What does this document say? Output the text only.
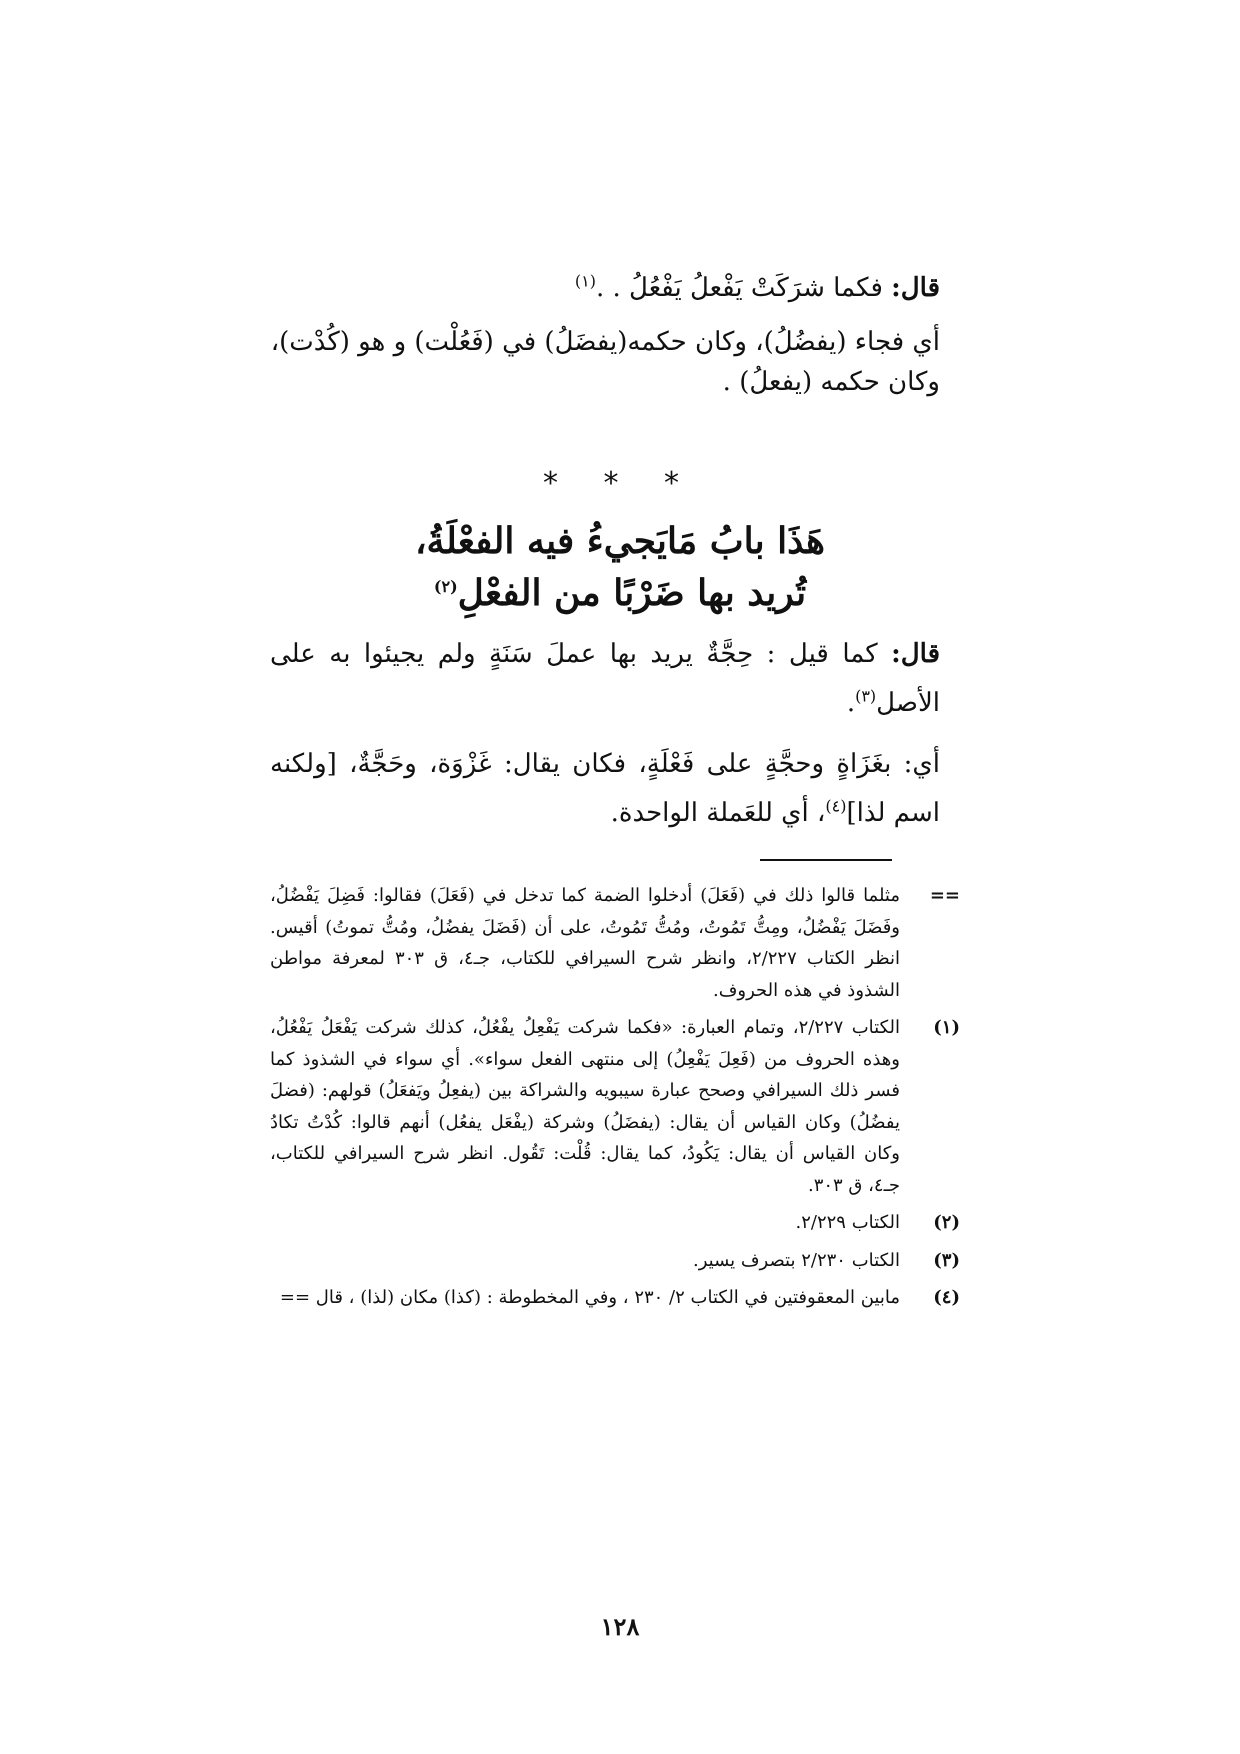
قال: فكما شرَكَتْ يَفْعلُ يَفْعُلُ . .$^{(١)}$

أي فجاء (يفضُلُ)، وكان حكمه(يفضَلُ) في (فَعُلْت) و هو (كُدْت)،

وكان حكمه (يفعلُ) .

* * *
هَذَا بابُ مَايَجيءُ فيه الفعْلَةُ،
تُريد بها ضَرْبًا من الفعْلِ$^{(٢)}$

قال: كما قيل : حِجَّةٌ يريد بها عملَ سَنَةٍ ولم يجيئوا به على الأصل$^{(٣)}$.

أي: بغَزَاةٍ وحجَّةٍ على فَعْلَةٍ، فكان يقال: غَزْوَة، وحَجَّةٌ، [ولكنه اسم لذا]$^{(٤)}$، أي للعَملة الواحدة.

==
مثلما قالوا ذلك في (فَعَلَ) أدخلوا الضمة كما تدخل في (فَعَلَ) فقالوا: فَضِلَ يَفْضُلُ، وفَضَلَ يَفْضُلُ، ومِتُّ تَمُوتُ، ومُتُّ تَمُوتُ، على أن (فَضَلَ يفضُلُ، ومُتُّ تموتُ) أقيس. انظر الكتاب ٢/٢٢٧، وانظر شرح السيرافي للكتاب، جـ٤، ق ٣٠٣ لمعرفة مواطن الشذوذ في هذه الحروف.
(١)
الكتاب ٢/٢٢٧، وتمام العبارة: «فكما شركت يَفْعِلُ يفْعُلُ، كذلك شركت يَفْعَلُ يَفْعُلُ، وهذه الحروف من (فَعِلَ يَفْعِلُ) إلى منتهى الفعل سواء». أي سواء في الشذوذ كما فسر ذلك السيرافي وصحح عبارة سيبويه والشراكة بين (يفعِلُ ويَفعَلُ) قولهم: (فضلَ يفضُلُ) وكان القياس أن يقال: (يفضَلُ) وشركة (يفْعَل يفعُل) أنهم قالوا: كُدْتُ تكادُ وكان القياس أن يقال: يَكُودُ، كما يقال: قُلْت: تَقُول. انظر شرح السيرافي للكتاب، جـ٤، ق ٣٠٣.
(٢)
الكتاب ٢/٢٢٩.
(٣)
الكتاب ٢/٢٣٠ بتصرف يسير.
(٤)
مابين المعقوفتين في الكتاب ٢/ ٢٣٠ ، وفي المخطوطة : (كذا) مكان (لذا) ، قال ==
١٢٨
